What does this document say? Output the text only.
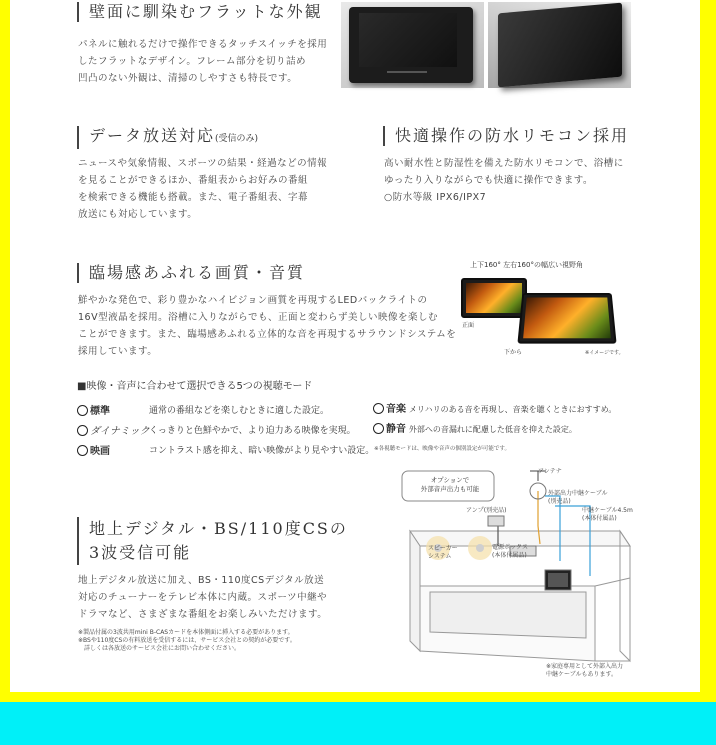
壁面に馴染むフラットな外観
パネルに触れるだけで操作できるタッチスイッチを採用
したフラットなデザイン。フレーム部分を切り詰め
凹凸のない外観は、清掃のしやすさも特長です。
データ放送対応(受信のみ)
ニュースや気象情報、スポーツの結果・経過などの情報
を見ることができるほか、番組表からお好みの番組
を検索できる機能も搭載。また、電子番組表、字幕
放送にも対応しています。
快適操作の防水リモコン採用
高い耐水性と防湿性を備えた防水リモコンで、浴槽に
ゆったり入りながらでも快適に操作できます。
○防水等級 IPX6/IPX7
臨場感あふれる画質・音質
鮮やかな発色で、彩り豊かなハイビジョン画質を再現するLEDバックライトの
16V型液晶を採用。浴槽に入りながらでも、正面と変わらず美しい映像を楽しむ
ことができます。また、臨場感あふれる立体的な音を再現するサラウンドシステムを
採用しています。
上下160° 左右160°の幅広い視野角
正面
下から	※イメージです。
■映像・音声に合わせて選択できる5つの視聴モード
標準	通常の番組などを楽しむときに適した設定。
ダイナミック くっきりと色鮮やかで、より迫力ある映像を実現。
映画	コントラスト感を抑え、暗い映像がより見やすい設定。
音楽 メリハリのある音を再現し、音楽を聴くときにおすすめ。
静音 外部への音漏れに配慮した低音を抑えた設定。
※各視聴モードは、映像や音声の個別設定が可能です。
地上デジタル・BS/110度CSの
3波受信可能
地上デジタル放送に加え、BS・110度CSデジタル放送
対応のチューナーをテレビ本体に内蔵。スポーツ中継や
ドラマなど、さまざまな番組をお楽しみいただけます。
※製品付属の3波共用mini B-CASカードを本体側面に挿入する必要があります。
※BSや110度CSの有料放送を受信するには、サービス会社との契約が必要です。
　詳しくは各放送のサービス会社にお問い合わせください。
オプションで
外部音声出力も可能
アンテナ
アンプ(別売品)
外部出力中継ケーブル
(別売品)
中継ケーブル4.5m
(本体付属品)
スピーカー
システム
電源ボックス
(本体付属品)
※家庭専用として外部入出力
中継ケーブルもあります。
